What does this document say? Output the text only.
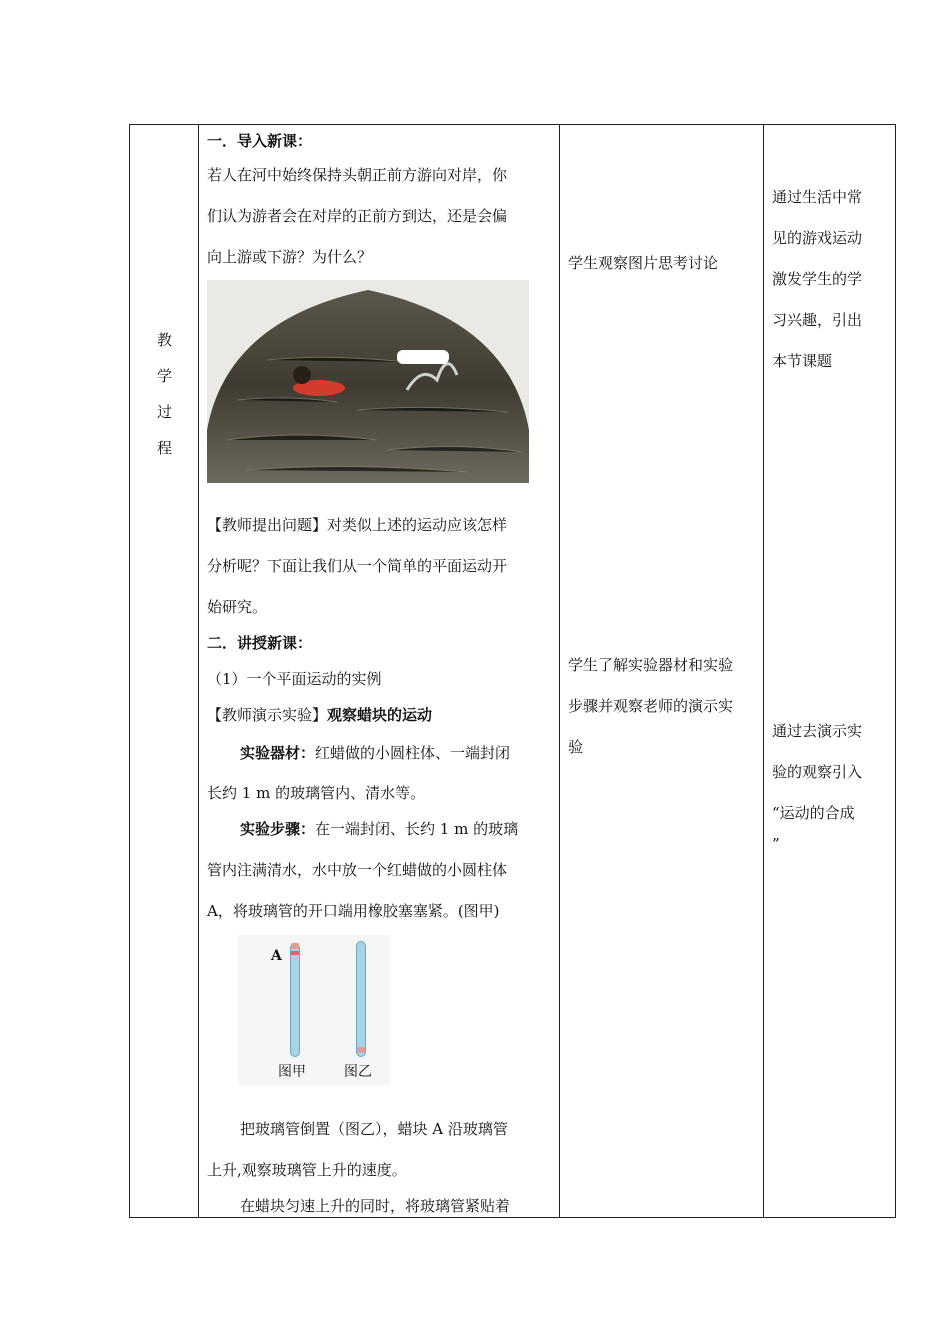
教
学
过
程
一．导入新课：
若人在河中始终保持头朝正前方游向对岸，你
们认为游者会在对岸的正前方到达，还是会偏
向上游或下游？为什么？
【教师提出问题】对类似上述的运动应该怎样
分析呢？下面让我们从一个简单的平面运动开
始研究。
二．讲授新课：
（1）一个平面运动的实例
【教师演示实验】观察蜡块的运动
实验器材：红蜡做的小圆柱体、一端封闭
长约 1 m 的玻璃管内、清水等。
实验步骤：在一端封闭、长约 1 m 的玻璃
管内注满清水，水中放一个红蜡做的小圆柱体
A，将玻璃管的开口端用橡胶塞塞紧。(图甲)
A
图甲	图乙
把玻璃管倒置（图乙），蜡块 A 沿玻璃管
上升,观察玻璃管上升的速度。
在蜡块匀速上升的同时，将玻璃管紧贴着
学生观察图片思考讨论
学生了解实验器材和实验
步骤并观察老师的演示实
验
通过生活中常
见的游戏运动
激发学生的学
习兴趣，引出
本节课题
通过去演示实
验的观察引入
“运动的合成
”
